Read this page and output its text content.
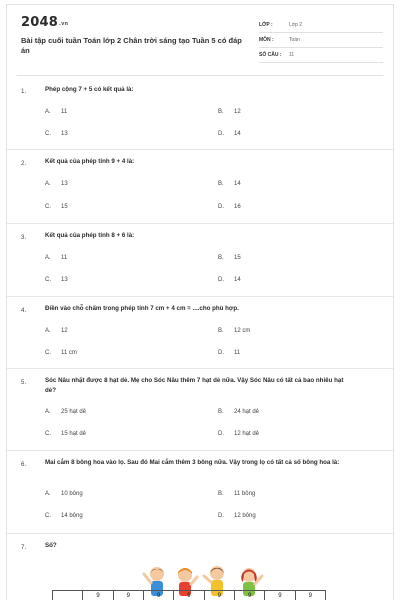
2048.vn
Bài tập cuối tuần Toán lớp 2 Chân trời sáng tạo Tuần 5 có đáp án
LỚP :	Lớp 2
MÔN :	Toán
SỐ CÂU : 11
1.	Phép cộng 7 + 5 có kết quả là:
A. 11	B. 12
C. 13	D. 14
2.	Kết quả của phép tính 9 + 4 là:
A. 13	B. 14
C. 15	D. 16
3.	Kết quả của phép tính 8 + 6 là:
A. 11	B. 15
C. 13	D. 14
4.	Điền vào chỗ chấm trong phép tính 7 cm + 4 cm = ....cho phù hợp.
A. 12	B. 12 cm
C. 11 cm	D. 11
5.	Sóc Nâu nhặt được 8 hạt dẻ. Mẹ cho Sóc Nâu thêm 7 hạt dẻ nữa. Vậy Sóc Nâu có tất cả bao nhiêu hạt dẻ?
A. 25 hạt dẻ	B. 24 hạt dẻ
C. 15 hạt dẻ	D. 12 hạt dẻ
6.	Mai cắm 8 bông hoa vào lọ. Sau đó Mai cắm thêm 3 bông nữa. Vậy trong lọ có tất cả số bông hoa là:
A. 10 bông	B. 11 bông
C. 14 bông	D. 12 bông
7.	Số?
9	9	9	9	9	9	9	9
